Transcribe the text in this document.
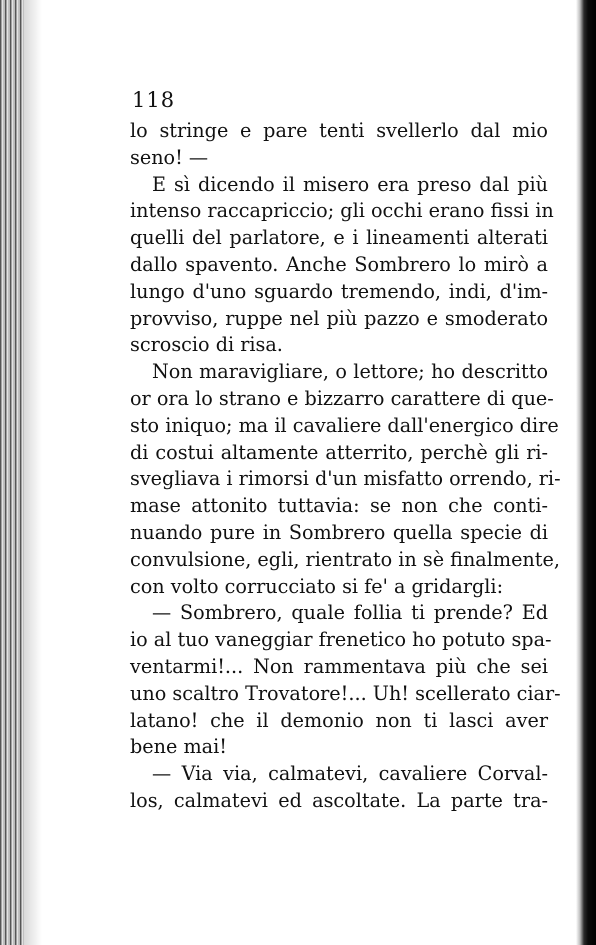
118
lo stringe e pare tenti svellerlo dal mio
seno! —
E sì dicendo il misero era preso dal più
intenso raccapriccio; gli occhi erano fissi in
quelli del parlatore, e i lineamenti alterati
dallo spavento. Anche Sombrero lo mirò a
lungo d'uno sguardo tremendo, indi, d'im-
provviso, ruppe nel più pazzo e smoderato
scroscio di risa.
Non maravigliare, o lettore; ho descritto
or ora lo strano e bizzarro carattere di que-
sto iniquo; ma il cavaliere dall'energico dire
di costui altamente atterrito, perchè gli ri-
svegliava i rimorsi d'un misfatto orrendo, ri-
mase attonito tuttavia: se non che conti-
nuando pure in Sombrero quella specie di
convulsione, egli, rientrato in sè finalmente,
con volto corrucciato si fe' a gridargli:
— Sombrero, quale follia ti prende? Ed
io al tuo vaneggiar frenetico ho potuto spa-
ventarmi!... Non rammentava più che sei
uno scaltro Trovatore!... Uh! scellerato ciar-
latano! che il demonio non ti lasci aver
bene mai!
— Via via, calmatevi, cavaliere Corval-
los, calmatevi ed ascoltate. La parte tra-
